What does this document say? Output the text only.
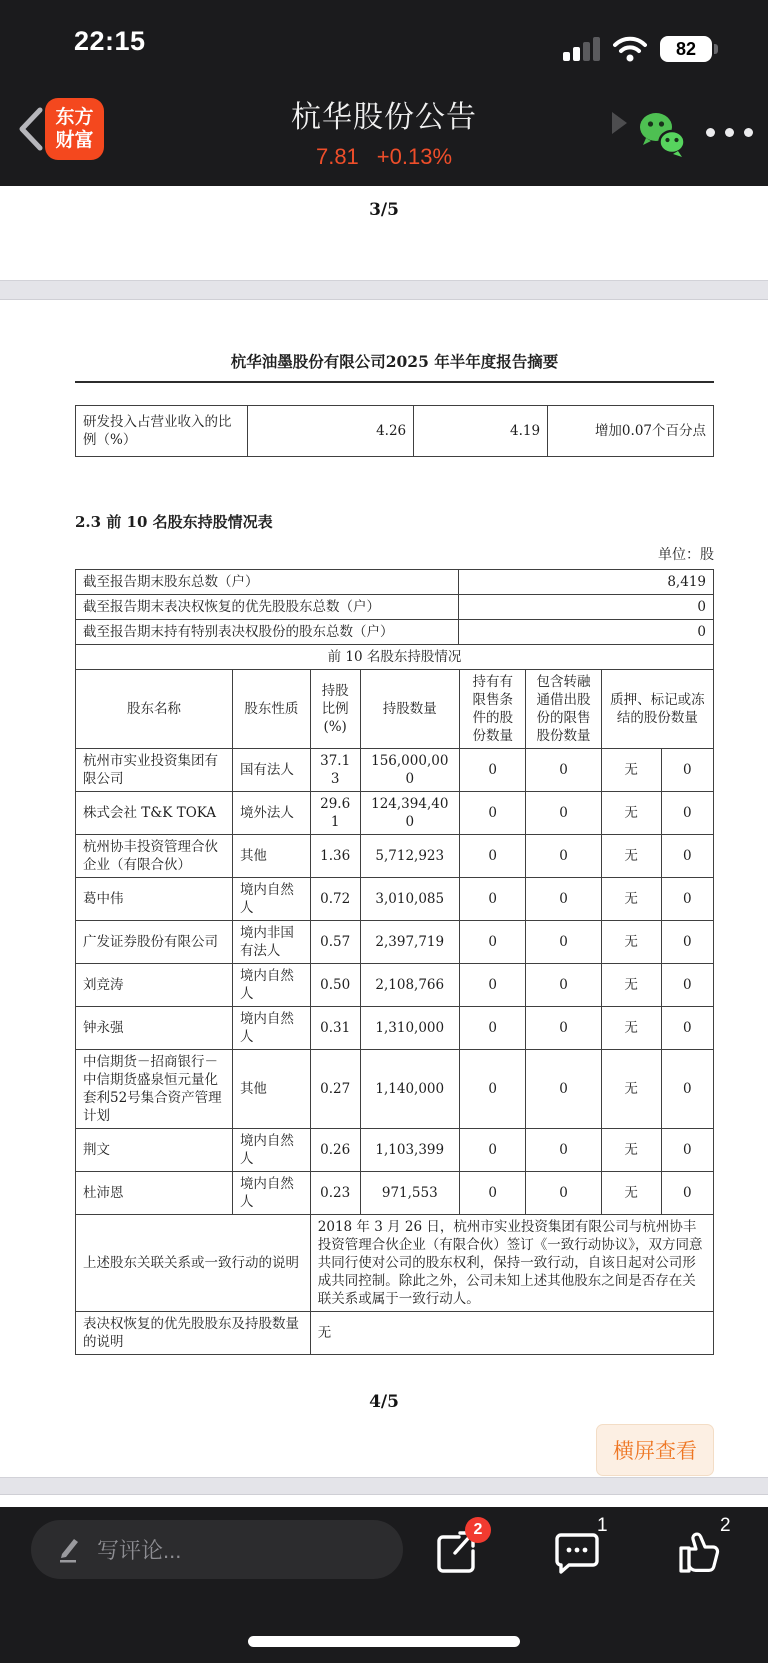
22:15	82
东方
财富
杭华股份公告
7.81 +0.13%
3/5
杭华油墨股份有限公司2025 年半年度报告摘要
研发投入占营业收入的比例（%）	4.26	4.19	增加0.07个百分点
2.3 前 10 名股东持股情况表
单位：股
截至报告期末股东总数（户）	8,419
截至报告期末表决权恢复的优先股股东总数（户）	0
截至报告期末持有特别表决权股份的股东总数（户）	0
前 10 名股东持股情况							
股东名称	股东性质	持股比例(%)	持股数量	持有有限售条件的股份数量	包含转融通借出股份的限售股份数量	质押、标记或冻结的股份数量	
杭州市实业投资集团有限公司	国有法人	37.13	156,000,000	0	0	无	0
株式会社 T&K TOKA	境外法人	29.61	124,394,400	0	0	无	0
杭州协丰投资管理合伙企业（有限合伙）	其他	1.36	5,712,923	0	0	无	0
葛中伟	境内自然人	0.72	3,010,085	0	0	无	0
广发证券股份有限公司	境内非国有法人	0.57	2,397,719	0	0	无	0
刘竞涛	境内自然人	0.50	2,108,766	0	0	无	0
钟永强	境内自然人	0.31	1,310,000	0	0	无	0
中信期货－招商银行－中信期货盛泉恒元量化套利52号集合资产管理计划	其他	0.27	1,140,000	0	0	无	0
荆文	境内自然人	0.26	1,103,399	0	0	无	0
杜沛恩	境内自然人	0.23	971,553	0	0	无	0
上述股东关联关系或一致行动的说明		2018 年 3 月 26 日，杭州市实业投资集团有限公司与杭州协丰投资管理合伙企业（有限合伙）签订《一致行动协议》，双方同意共同行使对公司的股东权利，保持一致行动，自该日起对公司形成共同控制。除此之外，公司未知上述其他股东之间是否存在关联关系或属于一致行动人。					
表决权恢复的优先股股东及持股数量的说明		无					
4/5
横屏查看
写评论...
2	1	2
